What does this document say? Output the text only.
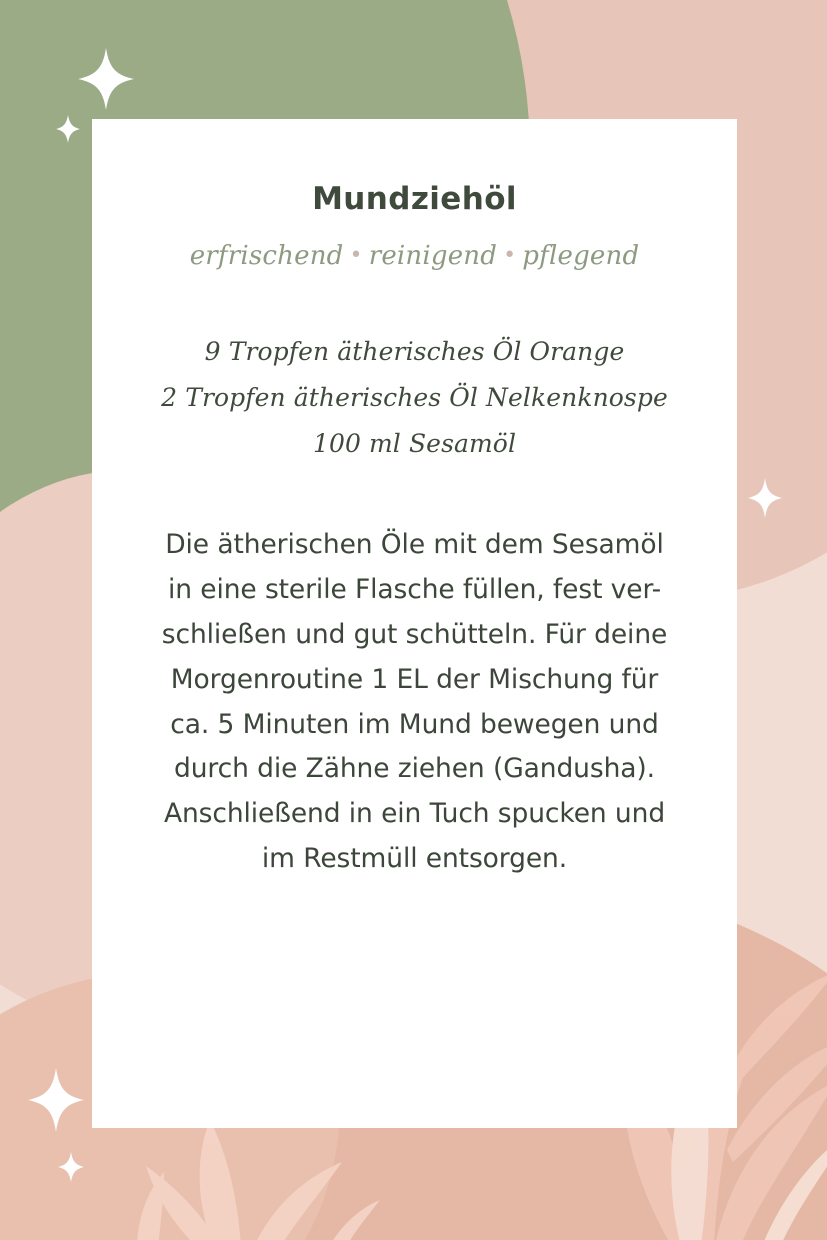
Mundziehöl

erfrischend • reinigend • pflegend

9 Tropfen ätherisches Öl Orange
2 Tropfen ätherisches Öl Nelkenknospe
100 ml Sesamöl
Die ätherischen Öle mit dem Sesamöl
in eine sterile Flasche füllen, fest ver-
schließen und gut schütteln. Für deine
Morgenroutine 1 EL der Mischung für
ca. 5 Minuten im Mund bewegen und
durch die Zähne ziehen (Gandusha).
Anschließend in ein Tuch spucken und
im Restmüll entsorgen.
